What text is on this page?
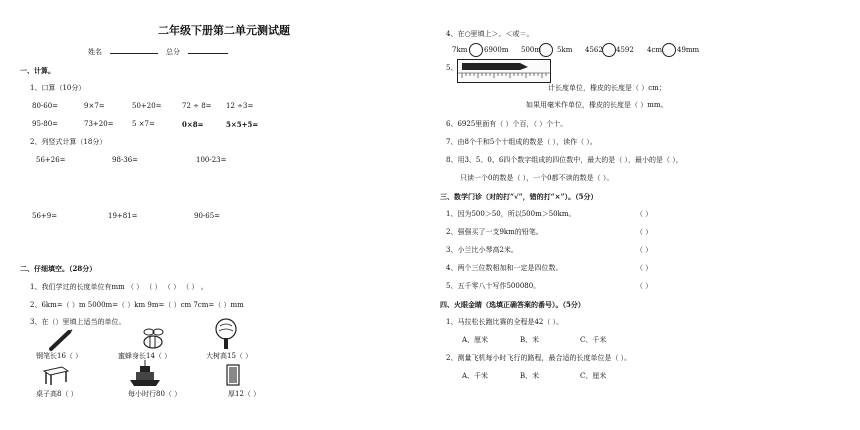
二年级下册第二单元测试题
姓名	总分
一、计算。
1、口算（10分）
80-60=	9×7=	50+20=	72 ÷ 8= 12 ÷3=
95-80=	73+20=	5 ×7=	0×8=	5×5+5=
2、列竖式计算（18分）
56+26=	98-36=	100-23=
56+9=	19+81=	90-65=
二、仔细填空。（28分）
1、我们学过的长度单位有mm （ ） （ ） （ ） （ ） 。
2、6km=（ ）m 5000m=（ ）km 9m=（ ）cm 7cm=（ ）mm
3、在（）里填上适当的单位。
钢笔长16（ ）	蜜蜂身长14（ ）	大树高15（ ）
桌子高8（ ）	每小时行80（ ）	厚12（ ）
4、在○里填上＞、＜或＝。
7km 6900m 500m 5km 4562 4592 4cm 49mm
5、
计长度单位，橡皮的长度是（ ）cm；
如果用毫米作单位，橡皮的长度是（ ）mm。
6、6925里面有（ ）个百，（ ）个十。
7、由8个千和5个十组成的数是（ ），读作（ ）。
8、用3、5、0、6四个数字组成的四位数中，最大的是（ ），最小的是（ ），
只读一个0的数是（ ），一个0都不读的数是（ ）。
三、数学门诊（对的打“√”，错的打“×”）。（5分）
1、因为500＞50，所以500m＞50km。	（ ）
2、强强买了一支9km的铅笔。	（ ）
3、小兰比小琴高2米。	（ ）
4、两个三位数相加和一定是四位数。	（ ）
5、五千零八十写作500080。	（ ）
四、火眼金睛（选填正确答案的番号）。（5分）
1、马拉松长跑比赛的全程是42（ ）。
A、厘米	B、米	C、千米
2、测量飞机每小时飞行的路程，最合适的长度单位是（ ）。
A、千米	B、米	C、厘米
